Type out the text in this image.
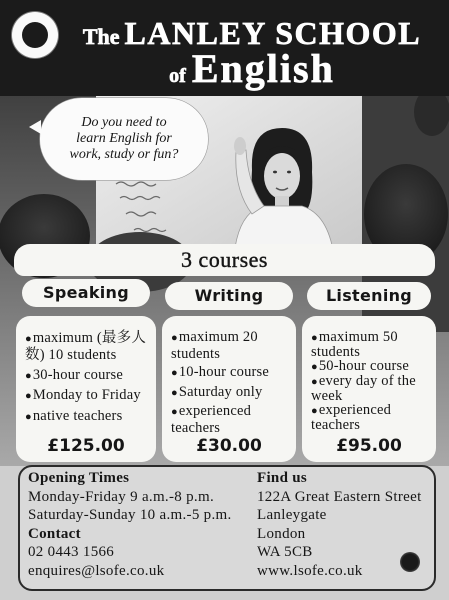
The LANLEY SCHOOL
of English

Do you need to learn English for work, study or fun?

3 courses
Speaking	Writing	Listening
● maximum (最多人数) 10 students
● 30-hour course
● Monday to Friday
● native teachers
£125.00
● maximum 20 students
● 10-hour course
● Saturday only
● experienced teachers
£30.00
● maximum 50 students
● 50-hour course
● every day of the week
● experienced teachers
£95.00
Opening Times
Monday-Friday 9 a.m.-8 p.m.
Saturday-Sunday 10 a.m.-5 p.m.
Contact
02 0443 1566
enquires@lsofe.co.uk
Find us
122A Great Eastern Street
Lanleygate
London
WA 5CB
www.lsofe.co.uk
